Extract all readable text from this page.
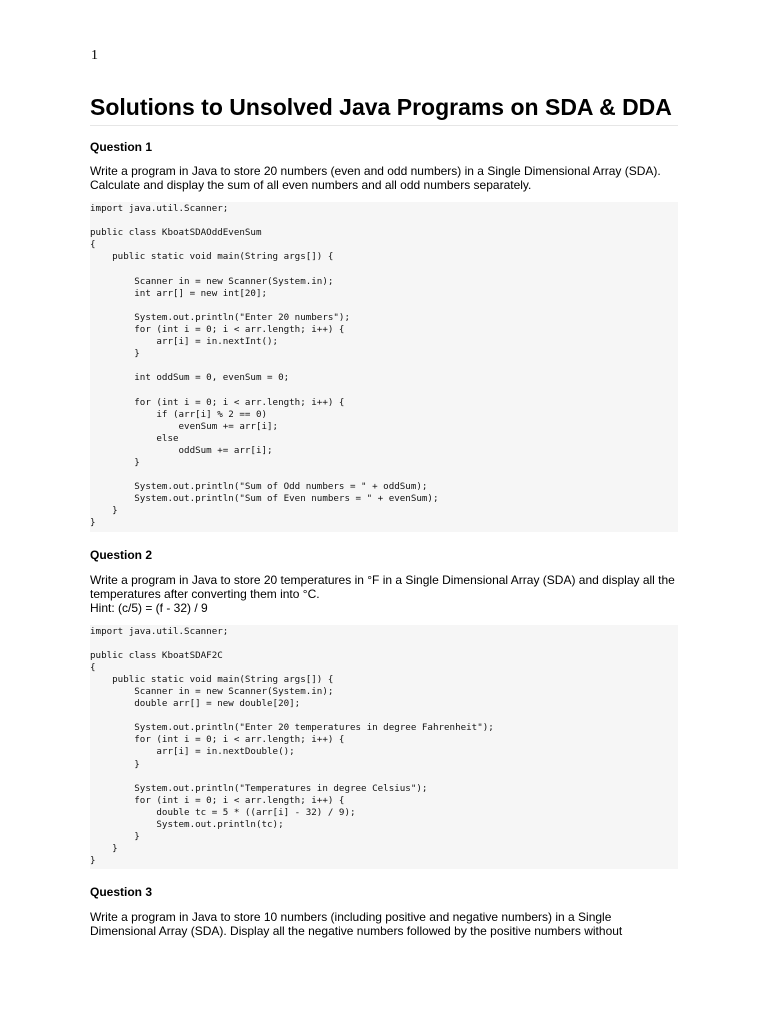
1
Solutions to Unsolved Java Programs on SDA & DDA
Question 1

Write a program in Java to store 20 numbers (even and odd numbers) in a Single Dimensional Array (SDA). Calculate and display the sum of all even numbers and all odd numbers separately.

import java.util.Scanner;

public class KboatSDAOddEvenSum
{
public static void main(String args[]) {

Scanner in = new Scanner(System.in);
int arr[] = new int[20];

System.out.println("Enter 20 numbers");
for (int i = 0; i < arr.length; i++) {
arr[i] = in.nextInt();
}

int oddSum = 0, evenSum = 0;

for (int i = 0; i < arr.length; i++) {
if (arr[i] % 2 == 0)
evenSum += arr[i];
else
oddSum += arr[i];
}

System.out.println("Sum of Odd numbers = " + oddSum);
System.out.println("Sum of Even numbers = " + evenSum);
}
}
Question 2
Write a program in Java to store 20 temperatures in °F in a Single Dimensional Array (SDA) and display all the temperatures after converting them into °C.
Hint: (c/5) = (f - 32) / 9
import java.util.Scanner;

public class KboatSDAF2C
{
public static void main(String args[]) {
Scanner in = new Scanner(System.in);
double arr[] = new double[20];

System.out.println("Enter 20 temperatures in degree Fahrenheit");
for (int i = 0; i < arr.length; i++) {
arr[i] = in.nextDouble();
}

System.out.println("Temperatures in degree Celsius");
for (int i = 0; i < arr.length; i++) {
double tc = 5 * ((arr[i] - 32) / 9);
System.out.println(tc);
}
}
}
Question 3

Write a program in Java to store 10 numbers (including positive and negative numbers) in a Single Dimensional Array (SDA). Display all the negative numbers followed by the positive numbers without
